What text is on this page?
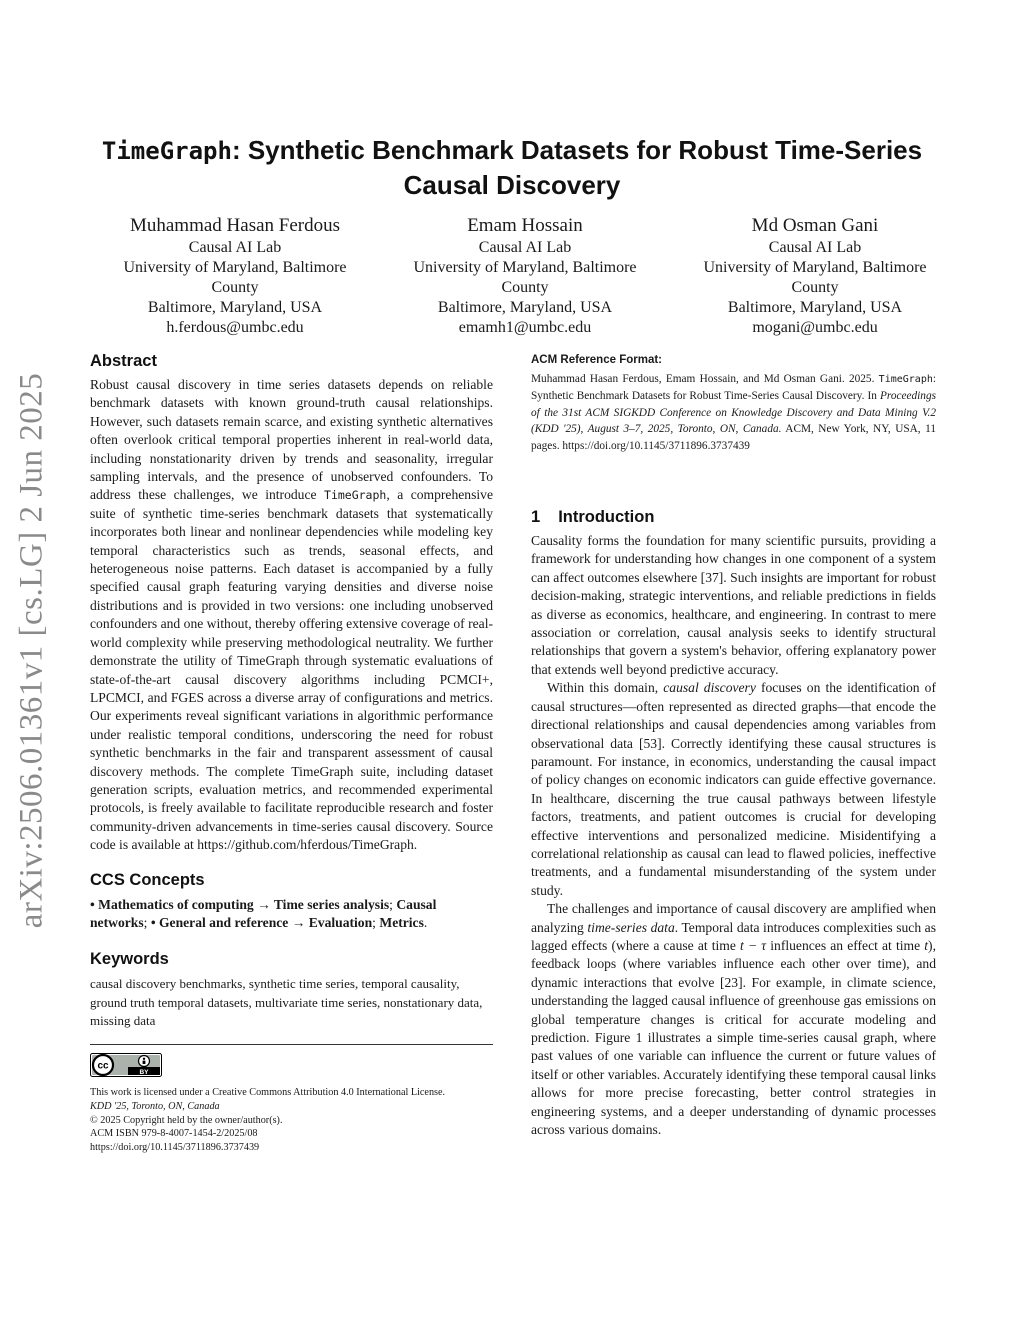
arXiv:2506.01361v1 [cs.LG] 2 Jun 2025
TimeGraph: Synthetic Benchmark Datasets for Robust Time-Series Causal Discovery
Muhammad Hasan Ferdous
Causal AI Lab
University of Maryland, Baltimore County
Baltimore, Maryland, USA
h.ferdous@umbc.edu
Emam Hossain
Causal AI Lab
University of Maryland, Baltimore County
Baltimore, Maryland, USA
emamh1@umbc.edu
Md Osman Gani
Causal AI Lab
University of Maryland, Baltimore County
Baltimore, Maryland, USA
mogani@umbc.edu
Abstract

Robust causal discovery in time series datasets depends on reliable benchmark datasets with known ground-truth causal relationships. However, such datasets remain scarce, and existing synthetic alternatives often overlook critical temporal properties inherent in real-world data, including nonstationarity driven by trends and seasonality, irregular sampling intervals, and the presence of unobserved confounders. To address these challenges, we introduce TimeGraph, a comprehensive suite of synthetic time-series benchmark datasets that systematically incorporates both linear and nonlinear dependencies while modeling key temporal characteristics such as trends, seasonal effects, and heterogeneous noise patterns. Each dataset is accompanied by a fully specified causal graph featuring varying densities and diverse noise distributions and is provided in two versions: one including unobserved confounders and one without, thereby offering extensive coverage of real-world complexity while preserving methodological neutrality. We further demonstrate the utility of TimeGraph through systematic evaluations of state-of-the-art causal discovery algorithms including PCMCI+, LPCMCI, and FGES across a diverse array of configurations and metrics. Our experiments reveal significant variations in algorithmic performance under realistic temporal conditions, underscoring the need for robust synthetic benchmarks in the fair and transparent assessment of causal discovery methods. The complete TimeGraph suite, including dataset generation scripts, evaluation metrics, and recommended experimental protocols, is freely available to facilitate reproducible research and foster community-driven advancements in time-series causal discovery. Source code is available at https://github.com/hferdous/TimeGraph.

CCS Concepts

• Mathematics of computing → Time series analysis; Causal networks; • General and reference → Evaluation; Metrics.

Keywords

causal discovery benchmarks, synthetic time series, temporal causality, ground truth temporal datasets, multivariate time series, nonstationary data, missing data

cc
BY

This work is licensed under a Creative Commons Attribution 4.0 International License.
KDD '25, Toronto, ON, Canada
© 2025 Copyright held by the owner/author(s).
ACM ISBN 979-8-4007-1454-2/2025/08
https://doi.org/10.1145/3711896.3737439

ACM Reference Format:

Muhammad Hasan Ferdous, Emam Hossain, and Md Osman Gani. 2025. TimeGraph: Synthetic Benchmark Datasets for Robust Time-Series Causal Discovery. In Proceedings of the 31st ACM SIGKDD Conference on Knowledge Discovery and Data Mining V.2 (KDD '25), August 3–7, 2025, Toronto, ON, Canada. ACM, New York, NY, USA, 11 pages. https://doi.org/10.1145/3711896.3737439

1 Introduction

Causality forms the foundation for many scientific pursuits, providing a framework for understanding how changes in one component of a system can affect outcomes elsewhere [37]. Such insights are important for robust decision-making, strategic interventions, and reliable predictions in fields as diverse as economics, healthcare, and engineering. In contrast to mere association or correlation, causal analysis seeks to identify structural relationships that govern a system's behavior, offering explanatory power that extends well beyond predictive accuracy.

Within this domain, causal discovery focuses on the identification of causal structures—often represented as directed graphs—that encode the directional relationships and causal dependencies among variables from observational data [53]. Correctly identifying these causal structures is paramount. For instance, in economics, understanding the causal impact of policy changes on economic indicators can guide effective governance. In healthcare, discerning the true causal pathways between lifestyle factors, treatments, and patient outcomes is crucial for developing effective interventions and personalized medicine. Misidentifying a correlational relationship as causal can lead to flawed policies, ineffective treatments, and a fundamental misunderstanding of the system under study.

The challenges and importance of causal discovery are amplified when analyzing time-series data. Temporal data introduces complexities such as lagged effects (where a cause at time t − τ influences an effect at time t), feedback loops (where variables influence each other over time), and dynamic interactions that evolve [23]. For example, in climate science, understanding the lagged causal influence of greenhouse gas emissions on global temperature changes is critical for accurate modeling and prediction. Figure 1 illustrates a simple time-series causal graph, where past values of one variable can influence the current or future values of itself or other variables. Accurately identifying these temporal causal links allows for more precise forecasting, better control strategies in engineering systems, and a deeper understanding of dynamic processes across various domains.
